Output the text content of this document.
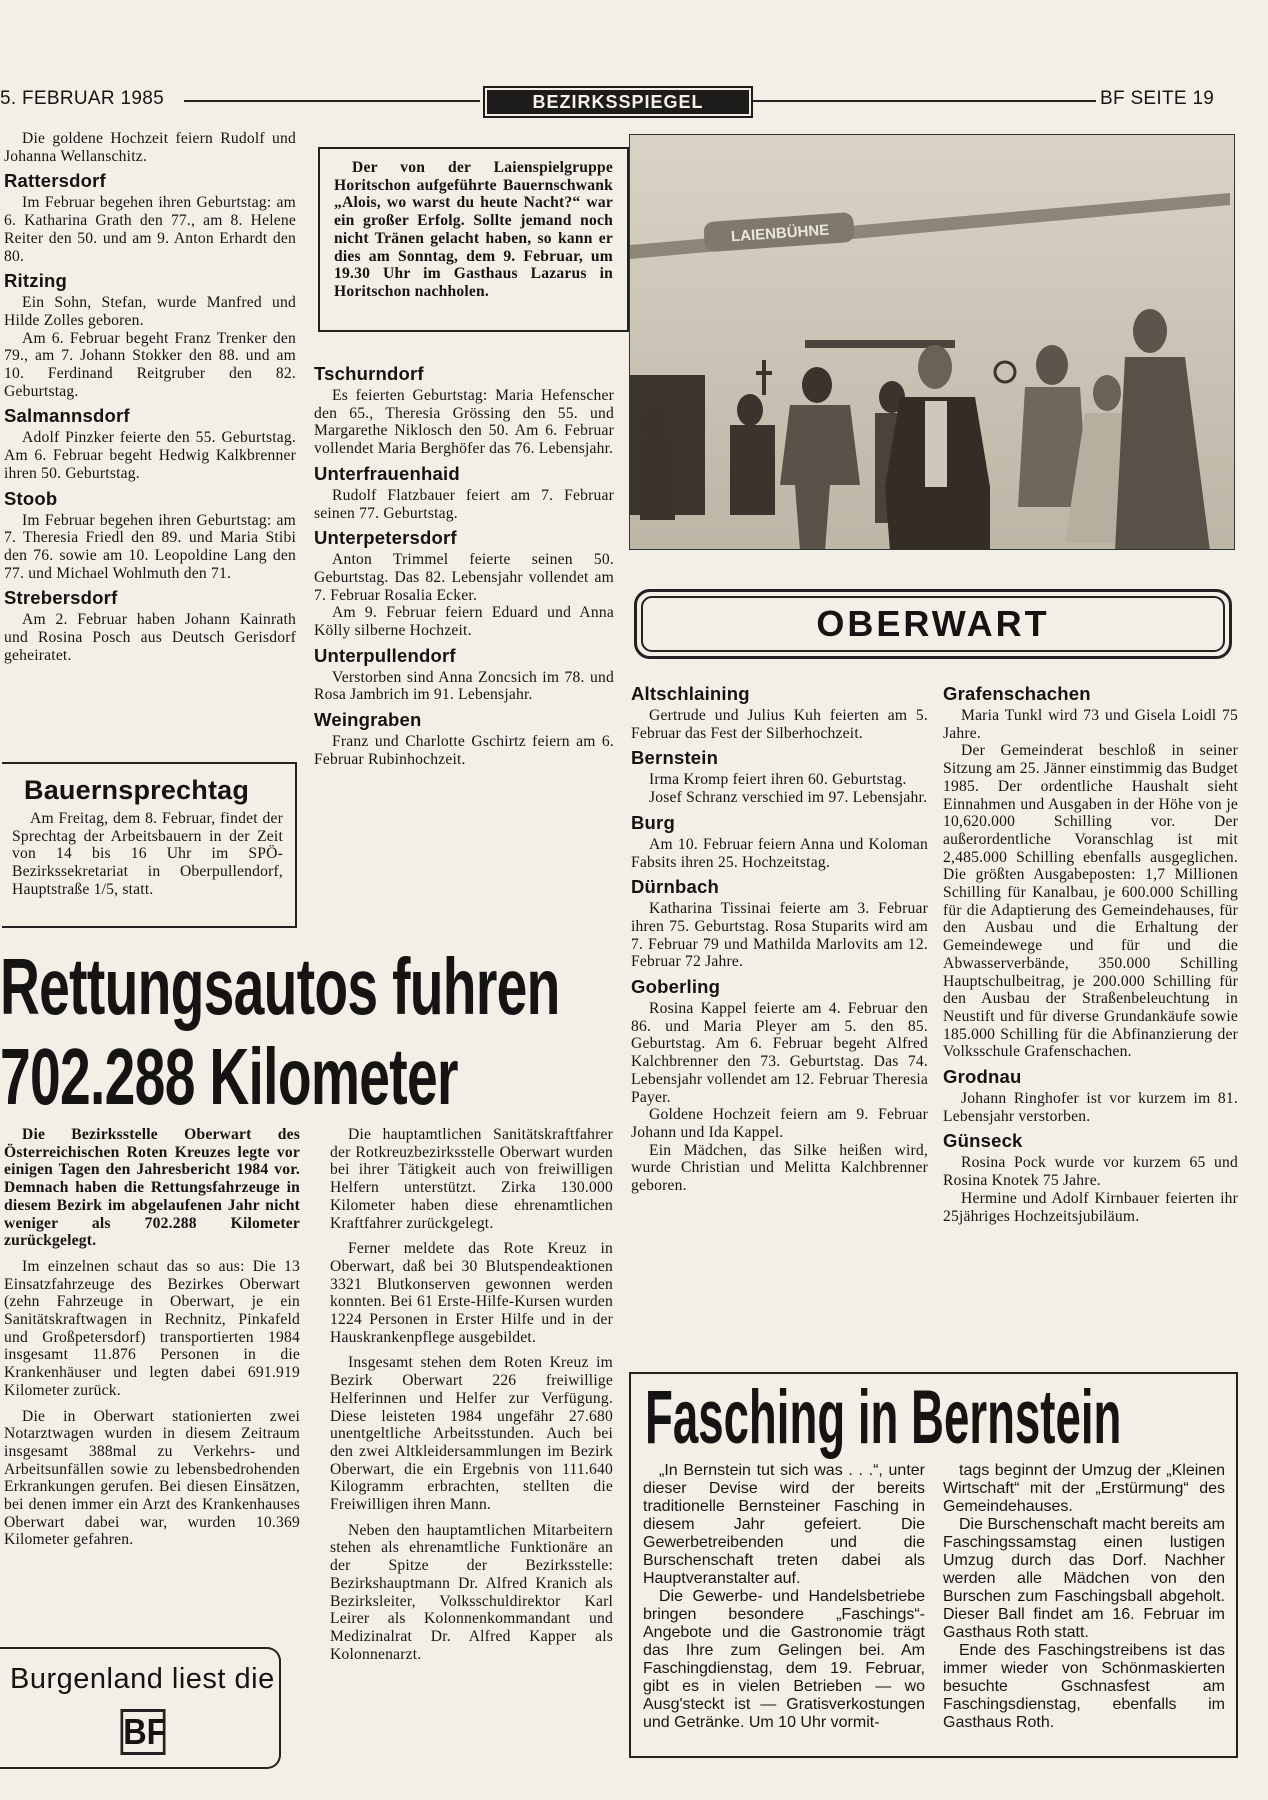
5. FEBRUAR 1985	BEZIRKSSPIEGEL	BF SEITE 19

Die goldene Hochzeit feiern Rudolf und Johanna Wellanschitz.

Rattersdorf

Im Februar begehen ihren Geburtstag: am 6. Katharina Grath den 77., am 8. Helene Reiter den 50. und am 9. Anton Erhardt den 80.

Ritzing

Ein Sohn, Stefan, wurde Manfred und Hilde Zolles geboren.

Am 6. Februar begeht Franz Trenker den 79., am 7. Johann Stokker den 88. und am 10. Ferdinand Reitgruber den 82. Geburtstag.

Salmannsdorf

Adolf Pinzker feierte den 55. Geburtstag. Am 6. Februar begeht Hedwig Kalkbrenner ihren 50. Geburtstag.

Stoob

Im Februar begehen ihren Geburtstag: am 7. Theresia Friedl den 89. und Maria Stibi den 76. sowie am 10. Leopoldine Lang den 77. und Michael Wohlmuth den 71.

Strebersdorf

Am 2. Februar haben Johann Kainrath und Rosina Posch aus Deutsch Gerisdorf geheiratet.

Bauernsprechtag

Am Freitag, dem 8. Februar, findet der Sprechtag der Arbeitsbauern in der Zeit von 14 bis 16 Uhr im SPÖ-Bezirkssekretariat in Oberpullendorf, Hauptstraße 1/5, statt.

Der von der Laienspielgruppe Horitschon aufgeführte Bauernschwank „Alois, wo warst du heute Nacht?“ war ein großer Erfolg. Sollte jemand noch nicht Tränen gelacht haben, so kann er dies am Sonntag, dem 9. Februar, um 19.30 Uhr im Gasthaus Lazarus in Horitschon nachholen.

Tschurndorf

Es feierten Geburtstag: Maria Hefenscher den 65., Theresia Grössing den 55. und Margarethe Niklosch den 50. Am 6. Februar vollendet Maria Berghöfer das 76. Lebensjahr.

Unterfrauenhaid

Rudolf Flatzbauer feiert am 7. Februar seinen 77. Geburtstag.

Unterpetersdorf

Anton Trimmel feierte seinen 50. Geburtstag. Das 82. Lebensjahr vollendet am 7. Februar Rosalia Ecker.

Am 9. Februar feiern Eduard und Anna Kölly silberne Hochzeit.

Unterpullendorf

Verstorben sind Anna Zoncsich im 78. und Rosa Jambrich im 91. Lebensjahr.

Weingraben

Franz und Charlotte Gschirtz feiern am 6. Februar Rubinhochzeit.

LAIENBÜHNE
OBERWART
Altschlaining

Gertrude und Julius Kuh feierten am 5. Februar das Fest der Silberhochzeit.

Bernstein

Irma Kromp feiert ihren 60. Geburtstag.

Josef Schranz verschied im 97. Lebensjahr.

Burg

Am 10. Februar feiern Anna und Koloman Fabsits ihren 25. Hochzeitstag.

Dürnbach

Katharina Tissinai feierte am 3. Februar ihren 75. Geburtstag. Rosa Stuparits wird am 7. Februar 79 und Mathilda Marlovits am 12. Februar 72 Jahre.

Goberling

Rosina Kappel feierte am 4. Februar den 86. und Maria Pleyer am 5. den 85. Geburtstag. Am 6. Februar begeht Alfred Kalchbrenner den 73. Geburtstag. Das 74. Lebensjahr vollendet am 12. Februar Theresia Payer.

Goldene Hochzeit feiern am 9. Februar Johann und Ida Kappel.

Ein Mädchen, das Silke heißen wird, wurde Christian und Melitta Kalchbrenner geboren.

Grafenschachen

Maria Tunkl wird 73 und Gisela Loidl 75 Jahre.

Der Gemeinderat beschloß in seiner Sitzung am 25. Jänner einstimmig das Budget 1985. Der ordentliche Haushalt sieht Einnahmen und Ausgaben in der Höhe von je 10,620.000 Schilling vor. Der außerordentliche Voranschlag ist mit 2,485.000 Schilling ebenfalls ausgeglichen. Die größten Ausgabeposten: 1,7 Millionen Schilling für Kanalbau, je 600.000 Schilling für die Adaptierung des Gemeindehauses, für den Ausbau und die Erhaltung der Gemeindewege und für und die Abwasserverbände, 350.000 Schilling Hauptschulbeitrag, je 200.000 Schilling für den Ausbau der Straßenbeleuchtung in Neustift und für diverse Grundankäufe sowie 185.000 Schilling für die Abfinanzierung der Volksschule Grafenschachen.

Grodnau

Johann Ringhofer ist vor kurzem im 81. Lebensjahr verstorben.

Günseck

Rosina Pock wurde vor kurzem 65 und Rosina Knotek 75 Jahre.

Hermine und Adolf Kirnbauer feierten ihr 25jähriges Hochzeitsjubiläum.

Rettungsautos fuhren
702.288 Kilometer

Die Bezirksstelle Oberwart des Österreichischen Roten Kreuzes legte vor einigen Tagen den Jahresbericht 1984 vor. Demnach haben die Rettungsfahrzeuge in diesem Bezirk im abgelaufenen Jahr nicht weniger als 702.288 Kilometer zurückgelegt.

Im einzelnen schaut das so aus: Die 13 Einsatzfahrzeuge des Bezirkes Oberwart (zehn Fahrzeuge in Oberwart, je ein Sanitätskraftwagen in Rechnitz, Pinkafeld und Großpetersdorf) transportierten 1984 insgesamt 11.876 Personen in die Krankenhäuser und legten dabei 691.919 Kilometer zurück.

Die in Oberwart stationierten zwei Notarztwagen wurden in diesem Zeitraum insgesamt 388mal zu Verkehrs- und Arbeitsunfällen sowie zu lebensbedrohenden Erkrankungen gerufen. Bei diesen Einsätzen, bei denen immer ein Arzt des Krankenhauses Oberwart dabei war, wurden 10.369 Kilometer gefahren.

Die hauptamtlichen Sanitätskraftfahrer der Rotkreuzbezirksstelle Oberwart wurden bei ihrer Tätigkeit auch von freiwilligen Helfern unterstützt. Zirka 130.000 Kilometer haben diese ehrenamtlichen Kraftfahrer zurückgelegt.

Ferner meldete das Rote Kreuz in Oberwart, daß bei 30 Blutspendeaktionen 3321 Blutkonserven gewonnen werden konnten. Bei 61 Erste-Hilfe-Kursen wurden 1224 Personen in Erster Hilfe und in der Hauskrankenpflege ausgebildet.

Insgesamt stehen dem Roten Kreuz im Bezirk Oberwart 226 freiwillige Helferinnen und Helfer zur Verfügung. Diese leisteten 1984 ungefähr 27.680 unentgeltliche Arbeitsstunden. Auch bei den zwei Altkleidersammlungen im Bezirk Oberwart, die ein Ergebnis von 111.640 Kilogramm erbrachten, stellten die Freiwilligen ihren Mann.

Neben den hauptamtlichen Mitarbeitern stehen als ehrenamtliche Funktionäre an der Spitze der Bezirksstelle: Bezirkshauptmann Dr. Alfred Kranich als Bezirksleiter, Volksschuldirektor Karl Leirer als Kolonnenkommandant und Medizinalrat Dr. Alfred Kapper als Kolonnenarzt.

Burgenland liest die
BF
Fasching in Bernstein

„In Bernstein tut sich was . . .“, unter dieser Devise wird der bereits traditionelle Bernsteiner Fasching in diesem Jahr gefeiert. Die Gewerbetreibenden und die Burschenschaft treten dabei als Hauptveranstalter auf.

Die Gewerbe- und Handelsbetriebe bringen besondere „Faschings“-Angebote und die Gastronomie trägt das Ihre zum Gelingen bei. Am Faschingdienstag, dem 19. Februar, gibt es in vielen Betrieben — wo Ausg'steckt ist — Gratisverkostungen und Getränke. Um 10 Uhr vormit-

tags beginnt der Umzug der „Kleinen Wirtschaft“ mit der „Erstürmung“ des Gemeindehauses.

Die Burschenschaft macht bereits am Faschingssamstag einen lustigen Umzug durch das Dorf. Nachher werden alle Mädchen von den Burschen zum Faschingsball abgeholt. Dieser Ball findet am 16. Februar im Gasthaus Roth statt.

Ende des Faschingstreibens ist das immer wieder von Schönmaskierten besuchte Gschnasfest am Faschingsdienstag, ebenfalls im Gasthaus Roth.
